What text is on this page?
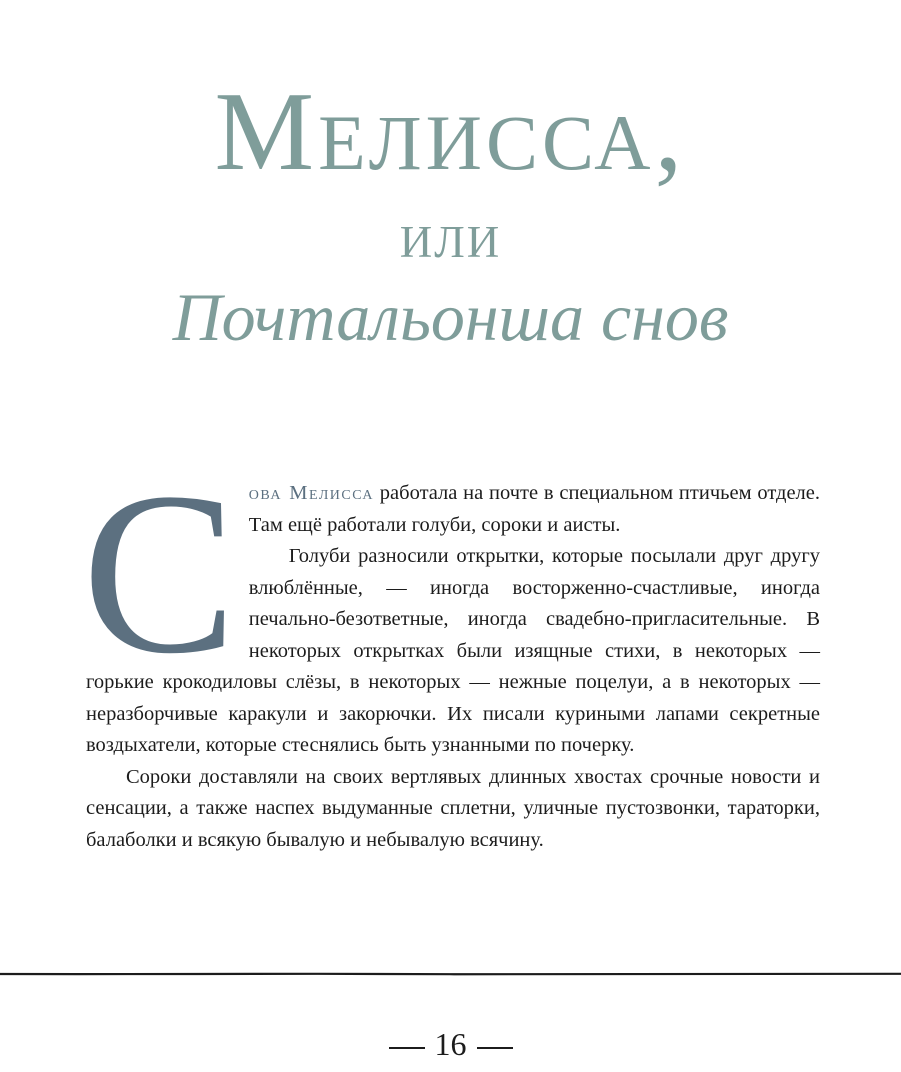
Мелисса,
или
Почтальонша снов
С ова Мелисса работала на почте в специальном птичьем отделе. Там ещё работали голуби, сороки и аисты.

Голуби разносили открытки, которые посылали друг другу влюблённые, — иногда восторженно-счастливые, иногда печально-безответные, иногда свадебно-пригласительные. В некоторых открытках были изящные стихи, в некоторых — горькие крокодиловы слёзы, в некоторых — нежные поцелуи, а в некоторых — неразборчивые каракули и закорючки. Их писали куриными лапами секретные воздыхатели, которые стеснялись быть узнанными по почерку.

Сороки доставляли на своих вертлявых длинных хвостах срочные новости и сенсации, а также наспех выдуманные сплетни, уличные пустозвонки, тараторки, балаболки и всякую бывалую и небывалую всячину.

16
